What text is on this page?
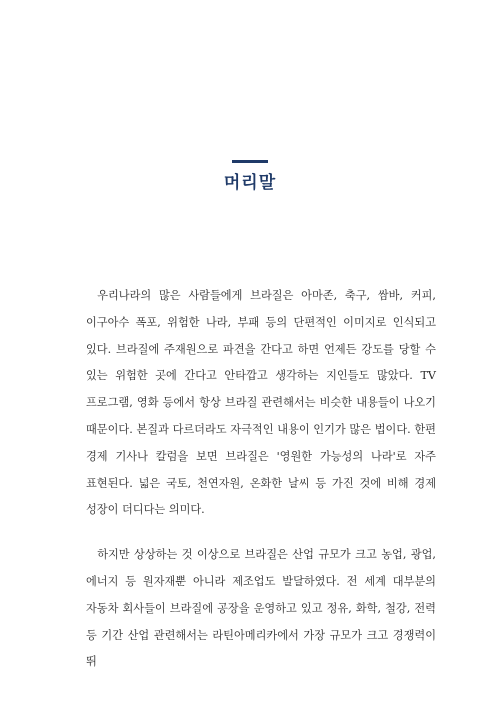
머리말

우리나라의 많은 사람들에게 브라질은 아마존, 축구, 쌈바, 커피, 이구아수 폭포, 위험한 나라, 부패 등의 단편적인 이미지로 인식되고 있다. 브라질에 주재원으로 파견을 간다고 하면 언제든 강도를 당할 수 있는 위험한 곳에 간다고 안타깝고 생각하는 지인들도 많았다. TV 프로그램, 영화 등에서 항상 브라질 관련해서는 비슷한 내용들이 나오기 때문이다. 본질과 다르더라도 자극적인 내용이 인기가 많은 법이다. 한편 경제 기사나 칼럼을 보면 브라질은 '영원한 가능성의 나라'로 자주 표현된다. 넓은 국토, 천연자원, 온화한 날씨 등 가진 것에 비해 경제 성장이 더디다는 의미다.

하지만 상상하는 것 이상으로 브라질은 산업 규모가 크고 농업, 광업, 에너지 등 원자재뿐 아니라 제조업도 발달하였다. 전 세계 대부분의 자동차 회사들이 브라질에 공장을 운영하고 있고 정유, 화학, 철강, 전력 등 기간 산업 관련해서는 라틴아메리카에서 가장 규모가 크고 경쟁력이 뛰
